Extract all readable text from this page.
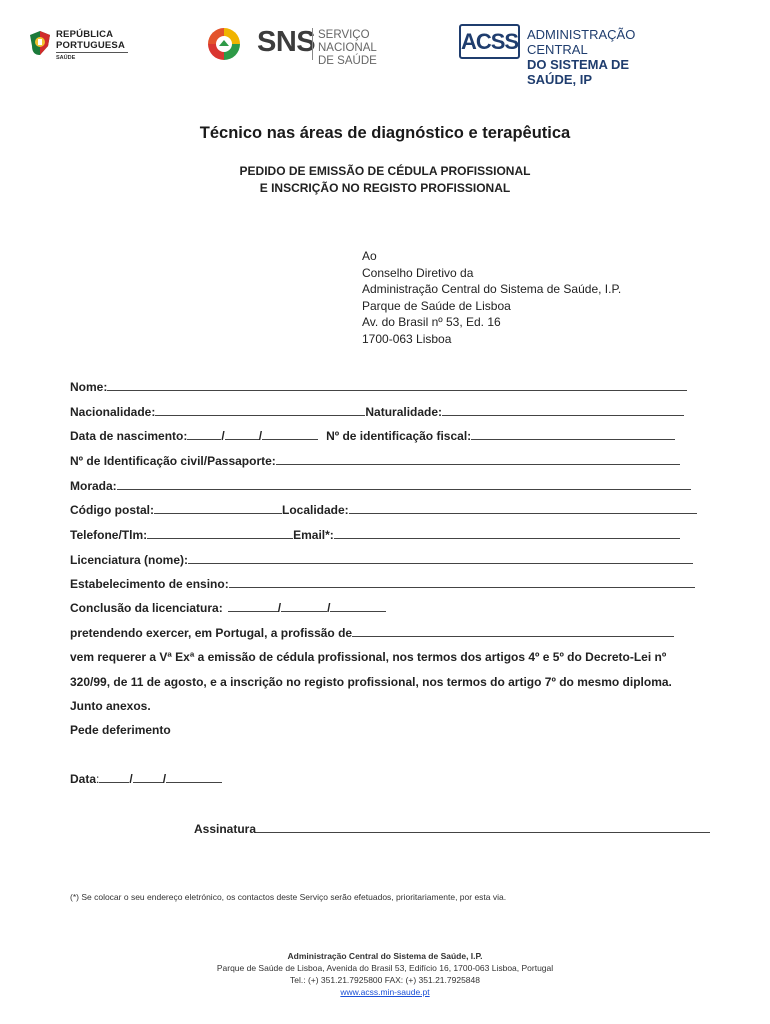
REPÚBLICA
PORTUGUESA
SAÚDE	SNS SERVIÇO NACIONAL
DE SAÚDE
ACSS ADMINISTRAÇÃO CENTRAL
DO SISTEMA DE SAÚDE, IP
Técnico nas áreas de diagnóstico e terapêutica
PEDIDO DE EMISSÃO DE CÉDULA PROFISSIONAL
E INSCRIÇÃO NO REGISTO PROFISSIONAL
Ao
Conselho Diretivo da
Administração Central do Sistema de Saúde, I.P.
Parque de Saúde de Lisboa
Av. do Brasil nº 53, Ed. 16
1700-063 Lisboa
Nome:
Nacionalidade:	Naturalidade:
Data de nascimento:	/	/	Nº de identificação fiscal:
Nº de Identificação civil/Passaporte:
Morada:
Código postal:	Localidade:
Telefone/Tlm:	Email*:
Licenciatura (nome):
Estabelecimento de ensino:
Conclusão da licenciatura:	/	/
pretendendo exercer, em Portugal, a profissão de
vem requerer a Vª Exª a emissão de cédula profissional, nos termos dos artigos 4º e 5º do Decreto-Lei nº
320/99, de 11 de agosto, e a inscrição no registo profissional, nos termos do artigo 7º do mesmo diploma.
Junto anexos.
Pede deferimento
Data:	/	/
Assinatura
(*) Se colocar o seu endereço eletrónico, os contactos deste Serviço serão efetuados, prioritariamente, por esta via.
Administração Central do Sistema de Saúde, I.P.
Parque de Saúde de Lisboa, Avenida do Brasil 53, Edifício 16, 1700-063 Lisboa, Portugal
Tel.: (+) 351.21.7925800 FAX: (+) 351.21.7925848
www.acss.min-saude.pt
